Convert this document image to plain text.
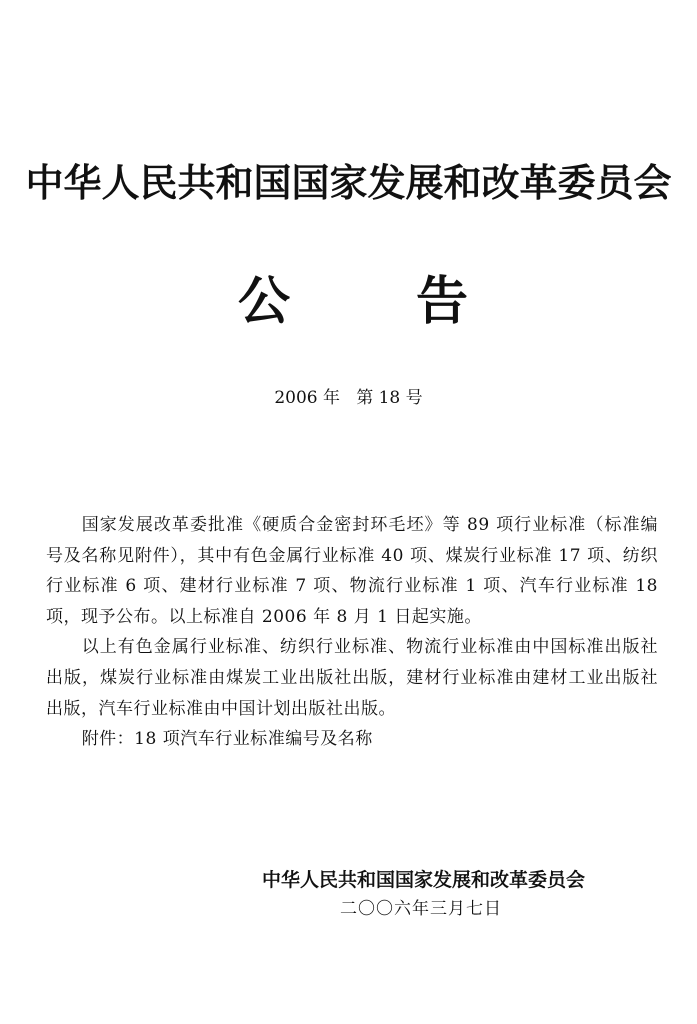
中华人民共和国国家发展和改革委员会
公 告
2006 年   第 18 号

国家发展改革委批准《硬质合金密封环毛坯》等 89 项行业标准（标准编号及名称见附件），其中有色金属行业标准 40 项、煤炭行业标准 17 项、纺织行业标准 6 项、建材行业标准 7 项、物流行业标准 1 项、汽车行业标准 18 项，现予公布。以上标准自 2006 年 8 月 1 日起实施。

以上有色金属行业标准、纺织行业标准、物流行业标准由中国标准出版社出版，煤炭行业标准由煤炭工业出版社出版，建材行业标准由建材工业出版社出版，汽车行业标准由中国计划出版社出版。

附件：18 项汽车行业标准编号及名称

中华人民共和国国家发展和改革委员会
二〇〇六年三月七日
